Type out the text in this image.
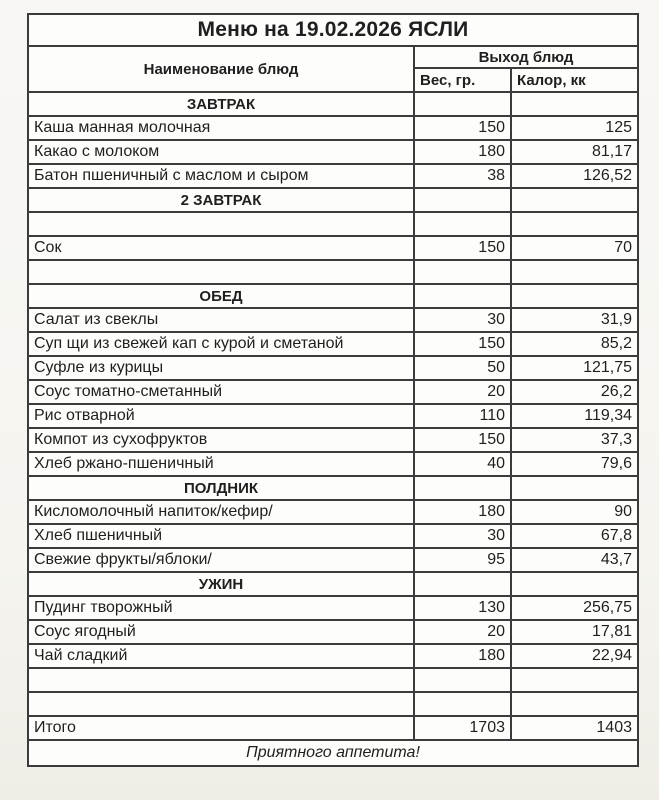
Меню на 19.02.2026 ЯСЛИ		
Наименование блюд	Выход блюд	
	Вес, гр.	Калор, кк
ЗАВТРАК		
Каша манная молочная	150	125
Какао с молоком	180	81,17
Батон пшеничный с маслом и сыром	38	126,52
2 ЗАВТРАК		

Сок	150	70

ОБЕД		
Салат из свеклы	30	31,9
Суп щи из свежей кап с курой и сметаной	150	85,2
Суфле из курицы	50	121,75
Соус томатно-сметанный	20	26,2
Рис отварной	110	119,34
Компот из сухофруктов	150	37,3
Хлеб ржано-пшеничный	40	79,6
ПОЛДНИК		
Кисломолочный напиток/кефир/	180	90
Хлеб пшеничный	30	67,8
Свежие фрукты/яблоки/	95	43,7
УЖИН		
Пудинг творожный	130	256,75
Соус ягодный	20	17,81
Чай сладкий	180	22,94

Итого	1703	1403
Приятного аппетита!		
